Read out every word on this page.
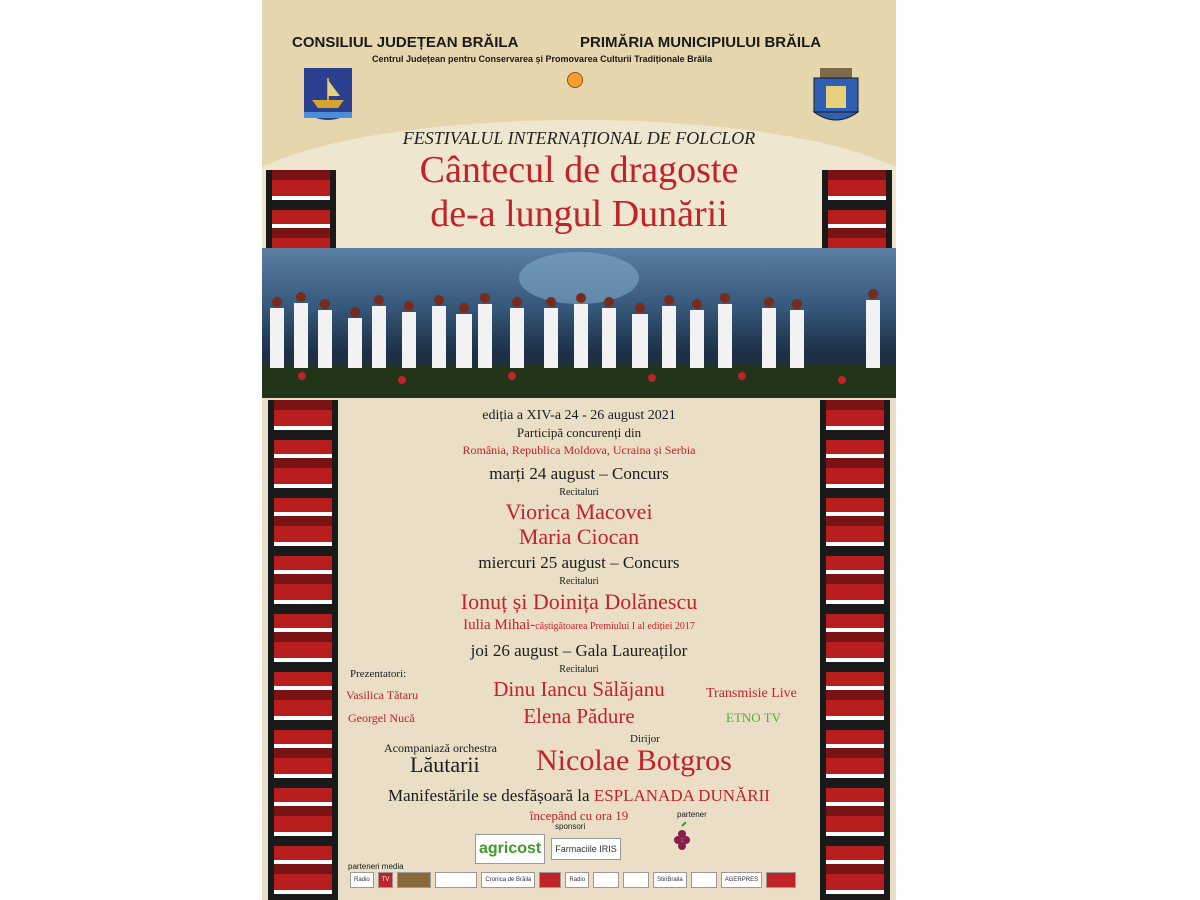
CONSILIUL JUDEȚEAN BRĂILA	PRIMĂRIA MUNICIPIULUI BRĂILA
Centrul Județean pentru Conservarea și Promovarea Culturii Tradiționale Brăila
FESTIVALUL INTERNAȚIONAL DE FOLCLOR
Cântecul de dragoste
de-a lungul Dunării
ediția a XIV-a 24 - 26 august 2021
Participă concurenți din
România, Republica Moldova, Ucraina și Serbia
marți 24 august – Concurs
Recitaluri
Viorica Macovei
Maria Ciocan
miercuri 25 august – Concurs
Recitaluri
Ionuț și Doinița Dolănescu
Iulia Mihai-câștigătoarea Premiului I al ediției 2017
joi 26 august – Gala Laureaților
Recitaluri
Dinu Iancu Sălăjanu
Elena Pădure
Prezentatori:
Vasilica Tătaru
Georgel Nucă
Transmisie Live
ETNO TV
Acompaniază orchestra
Lăutarii
Dirijor
Nicolae Botgros
Manifestările se desfășoară la ESPLANADA DUNĂRII
începând cu ora 19
sponsori
partener
agricost	Farmaciile IRIS
parteneri media
Radio	TV	Cronica de Brăila	Radio	StiriBraila	AGERPRES
